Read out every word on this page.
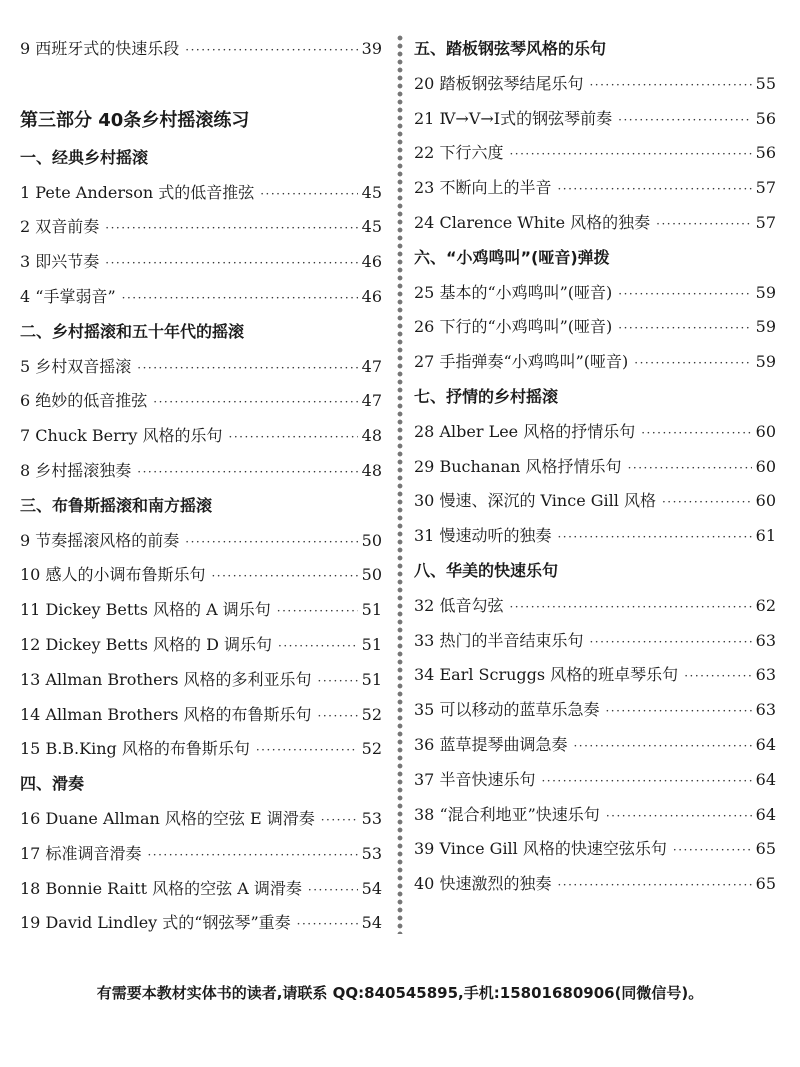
9 西班牙式的快速乐段 ·····	39
第三部分 40条乡村摇滚练习
一、经典乡村摇滚
1 Pete Anderson 式的低音推弦 ·····	45
2 双音前奏 ·····	45
3 即兴节奏 ·····	46
4 “手掌弱音” ·····	46
二、乡村摇滚和五十年代的摇滚
5 乡村双音摇滚 ·····	47
6 绝妙的低音推弦 ·····	47
7 Chuck Berry 风格的乐句 ·····	48
8 乡村摇滚独奏 ·····	48
三、布鲁斯摇滚和南方摇滚
9 节奏摇滚风格的前奏 ·····	50
10 感人的小调布鲁斯乐句 ·····	50
11 Dickey Betts 风格的 A 调乐句 ·····	51
12 Dickey Betts 风格的 D 调乐句 ·····	51
13 Allman Brothers 风格的多利亚乐句 ·····	51
14 Allman Brothers 风格的布鲁斯乐句 ·····	52
15 B.B.King 风格的布鲁斯乐句 ·····	52
四、滑奏
16 Duane Allman 风格的空弦 E 调滑奏 ·····	53
17 标准调音滑奏 ·····	53
18 Bonnie Raitt 风格的空弦 A 调滑奏 ·····	54
19 David Lindley 式的“钢弦琴”重奏 ·····	54
五、踏板钢弦琴风格的乐句
20 踏板钢弦琴结尾乐句 ·····	55
21 Ⅳ→Ⅴ→Ⅰ式的钢弦琴前奏 ·····	56
22 下行六度 ·····	56
23 不断向上的半音 ·····	57
24 Clarence White 风格的独奏 ·····	57
六、“小鸡鸣叫”(哑音)弹拨
25 基本的“小鸡鸣叫”(哑音) ·····	59
26 下行的“小鸡鸣叫”(哑音) ·····	59
27 手指弹奏“小鸡鸣叫”(哑音) ·····	59
七、抒情的乡村摇滚
28 Alber Lee 风格的抒情乐句 ·····	60
29 Buchanan 风格抒情乐句 ·····	60
30 慢速、深沉的 Vince Gill 风格 ·····	60
31 慢速动听的独奏 ·····	61
八、华美的快速乐句
32 低音勾弦 ·····	62
33 热门的半音结束乐句 ·····	63
34 Earl Scruggs 风格的班卓琴乐句 ·····	63
35 可以移动的蓝草乐急奏 ·····	63
36 蓝草提琴曲调急奏 ·····	64
37 半音快速乐句 ·····	64
38 “混合利地亚”快速乐句 ·····	64
39 Vince Gill 风格的快速空弦乐句 ·····	65
40 快速激烈的独奏 ·····	65
有需要本教材实体书的读者,请联系 QQ:840545895,手机:15801680906(同微信号)。
